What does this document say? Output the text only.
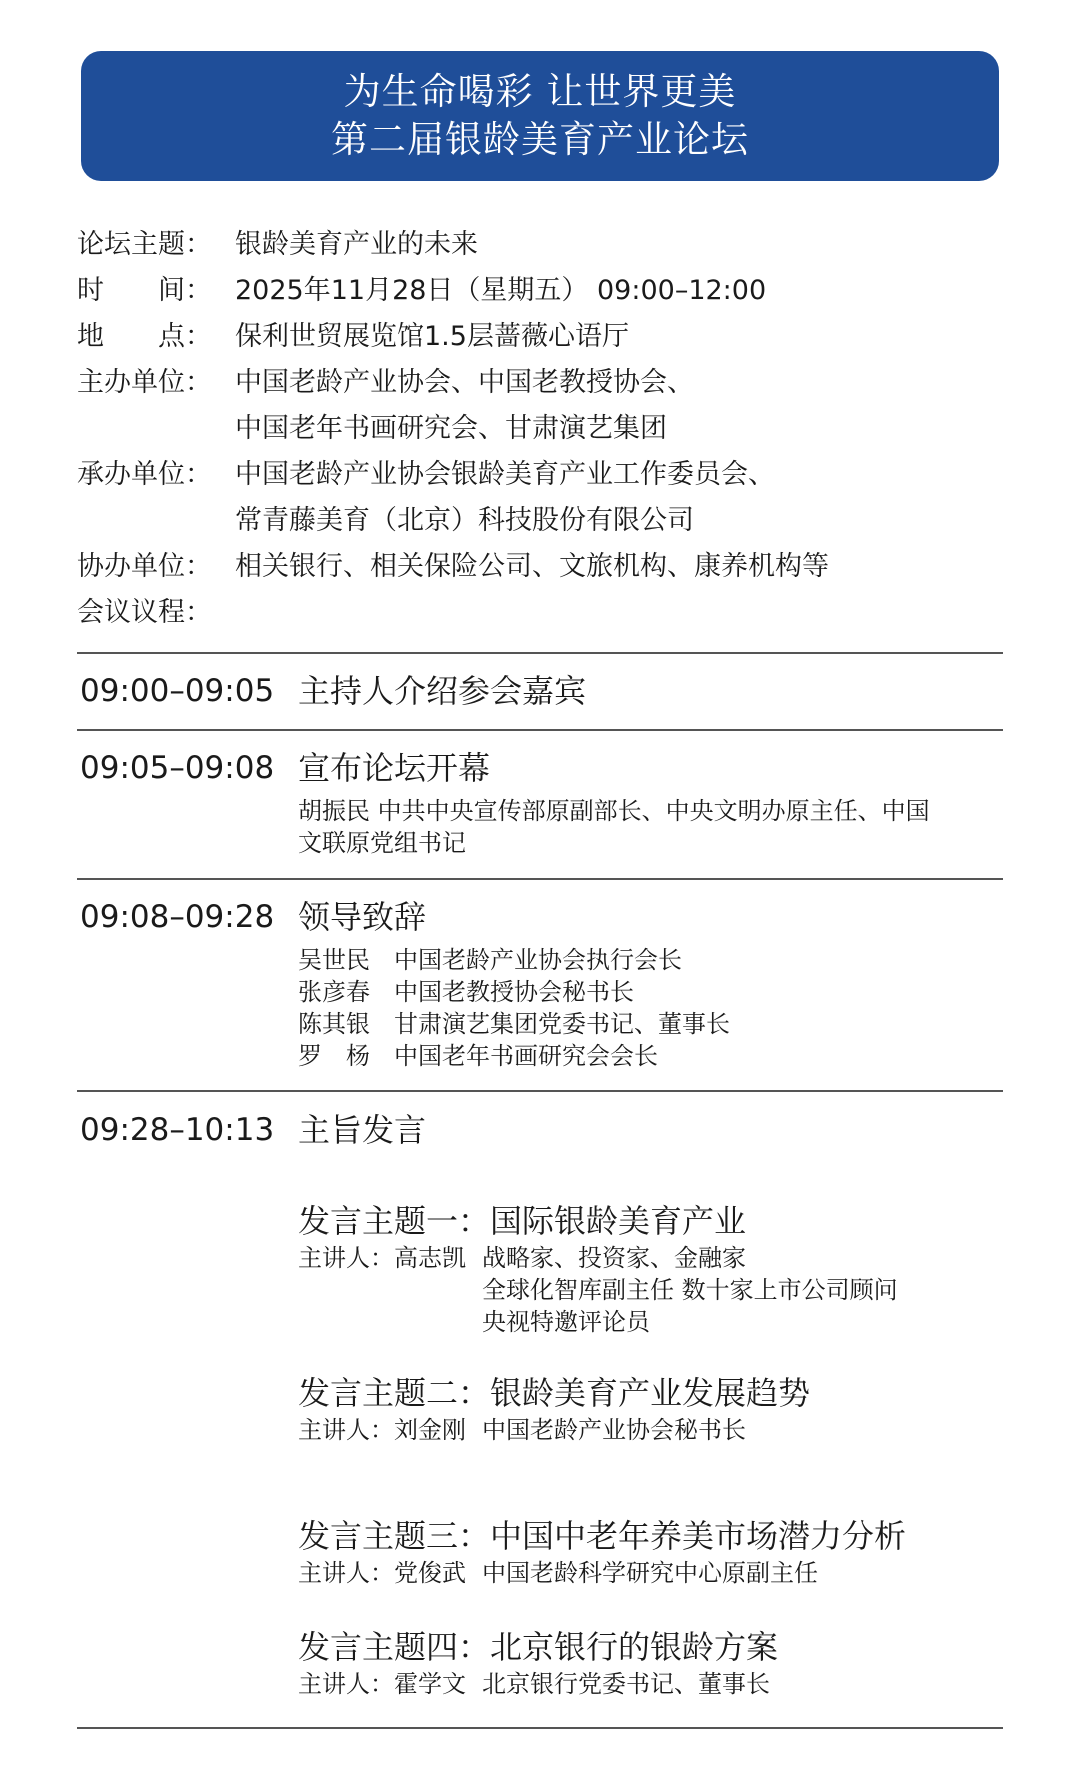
为生命喝彩 让世界更美
第二届银龄美育产业论坛
论坛主题： 银龄美育产业的未来
时　　间： 2025年11月28日（星期五） 09:00–12:00
地　　点： 保利世贸展览馆1.5层蔷薇心语厅
主办单位： 中国老龄产业协会、中国老教授协会、
中国老年书画研究会、甘肃演艺集团
承办单位： 中国老龄产业协会银龄美育产业工作委员会、
常青藤美育（北京）科技股份有限公司
协办单位： 相关银行、相关保险公司、文旅机构、康养机构等
会议议程：
09:00–09:05 主持人介绍参会嘉宾
09:05–09:08 宣布论坛开幕
胡振民 中共中央宣传部原副部长、中央文明办原主任、中国
文联原党组书记
09:08–09:28 领导致辞
吴世民 中国老龄产业协会执行会长
张彦春 中国老教授协会秘书长
陈其银 甘肃演艺集团党委书记、董事长
罗　杨 中国老年书画研究会会长
09:28–10:13 主旨发言
发言主题一：国际银龄美育产业
主讲人： 高志凯 战略家、投资家、金融家
全球化智库副主任 数十家上市公司顾问
央视特邀评论员
发言主题二：银龄美育产业发展趋势
主讲人： 刘金刚 中国老龄产业协会秘书长
发言主题三：中国中老年养美市场潜力分析
主讲人： 党俊武 中国老龄科学研究中心原副主任
发言主题四：北京银行的银龄方案
主讲人： 霍学文 北京银行党委书记、董事长
